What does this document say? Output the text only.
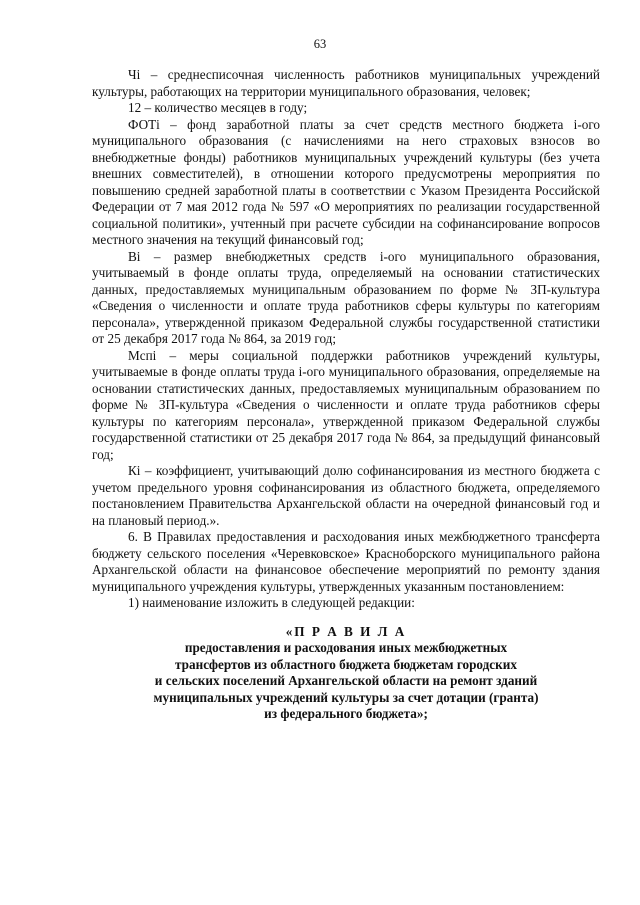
63

Чi – среднесписочная численность работников муниципальных учреждений культуры, работающих на территории муниципального образования, человек;

12 – количество месяцев в году;

ФОТi – фонд заработной платы за счет средств местного бюджета i-ого муниципального образования (с начислениями на него страховых взносов во внебюджетные фонды) работников муниципальных учреждений культуры (без учета внешних совместителей), в отношении которого предусмотрены мероприятия по повышению средней заработной платы в соответствии с Указом Президента Российской Федерации от 7 мая 2012 года № 597 «О мероприятиях по реализации государственной социальной политики», учтенный при расчете субсидии на софинансирование вопросов местного значения на текущий финансовый год;

Вi – размер внебюджетных средств i-ого муниципального образования, учитываемый в фонде оплаты труда, определяемый на основании статистических данных, предоставляемых муниципальным образованием по форме № ЗП-культура «Сведения о численности и оплате труда работников сферы культуры по категориям персонала», утвержденной приказом Федеральной службы государственной статистики от 25 декабря 2017 года № 864, за 2019 год;

Мспi – меры социальной поддержки работников учреждений культуры, учитываемые в фонде оплаты труда i-ого муниципального образования, определяемые на основании статистических данных, предоставляемых муниципальным образованием по форме № ЗП-культура «Сведения о численности и оплате труда работников сферы культуры по категориям персонала», утвержденной приказом Федеральной службы государственной статистики от 25 декабря 2017 года № 864, за предыдущий финансовый год;

Кi – коэффициент, учитывающий долю софинансирования из местного бюджета с учетом предельного уровня софинансирования из областного бюджета, определяемого постановлением Правительства Архангельской области на очередной финансовый год и на плановый период.».

6. В Правилах предоставления и расходования иных межбюджетного трансферта бюджету сельского поселения «Черевковское» Красноборского муниципального района Архангельской области на финансовое обеспечение мероприятий по ремонту здания муниципального учреждения культуры, утвержденных указанным постановлением:

1) наименование изложить в следующей редакции:

«П Р А В И Л А
предоставления и расходования иных межбюджетных
трансфертов из областного бюджета бюджетам городских
и сельских поселений Архангельской области на ремонт зданий
муниципальных учреждений культуры за счет дотации (гранта)
из федерального бюджета»;
